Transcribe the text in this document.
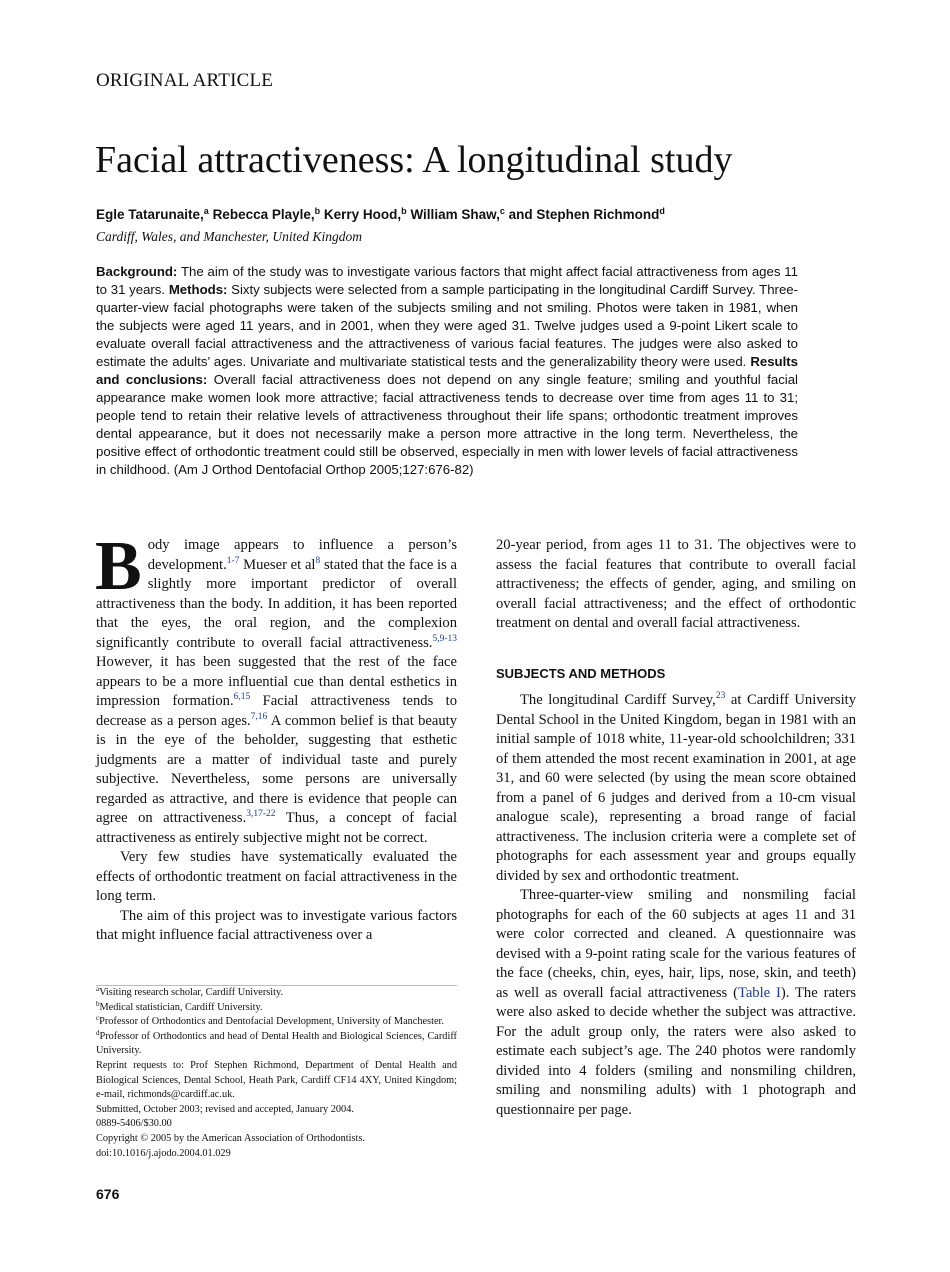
ORIGINAL ARTICLE
Facial attractiveness: A longitudinal study
Egle Tatarunaite,$^a$ Rebecca Playle,$^b$ Kerry Hood,$^b$ William Shaw,$^c$ and Stephen Richmond$^d$
Cardiff, Wales, and Manchester, United Kingdom
Background: The aim of the study was to investigate various factors that might affect facial attractiveness from ages 11 to 31 years. Methods: Sixty subjects were selected from a sample participating in the longitudinal Cardiff Survey. Three-quarter-view facial photographs were taken of the subjects smiling and not smiling. Photos were taken in 1981, when the subjects were aged 11 years, and in 2001, when they were aged 31. Twelve judges used a 9-point Likert scale to evaluate overall facial attractiveness and the attractiveness of various facial features. The judges were also asked to estimate the adults’ ages. Univariate and multivariate statistical tests and the generalizability theory were used. Results and conclusions: Overall facial attractiveness does not depend on any single feature; smiling and youthful facial appearance make women look more attractive; facial attractiveness tends to decrease over time from ages 11 to 31; people tend to retain their relative levels of attractiveness throughout their life spans; orthodontic treatment improves dental appearance, but it does not necessarily make a person more attractive in the long term. Nevertheless, the positive effect of orthodontic treatment could still be observed, especially in men with lower levels of facial attractiveness in childhood. (Am J Orthod Dentofacial Orthop 2005;127:676-82)

Body image appears to influence a person’s development.$^{1-7}$ Mueser et al$^8$ stated that the face is a slightly more important predictor of overall attractiveness than the body. In addition, it has been reported that the eyes, the oral region, and the complexion significantly contribute to overall facial attractiveness.$^{5,9-13}$ However, it has been suggested that the rest of the face appears to be a more influential cue than dental esthetics in impression formation.$^{6,15}$ Facial attractiveness tends to decrease as a person ages.$^{7,16}$ A common belief is that beauty is in the eye of the beholder, suggesting that esthetic judgments are a matter of individual taste and purely subjective. Nevertheless, some persons are universally regarded as attractive, and there is evidence that people can agree on attractiveness.$^{3,17-22}$ Thus, a concept of facial attractiveness as entirely subjective might not be correct.

Very few studies have systematically evaluated the effects of orthodontic treatment on facial attractiveness in the long term.

The aim of this project was to investigate various factors that might influence facial attractiveness over a

20-year period, from ages 11 to 31. The objectives were to assess the facial features that contribute to overall facial attractiveness; the effects of gender, aging, and smiling on overall facial attractiveness; and the effect of orthodontic treatment on dental and overall facial attractiveness.

SUBJECTS AND METHODS

The longitudinal Cardiff Survey,$^{23}$ at Cardiff University Dental School in the United Kingdom, began in 1981 with an initial sample of 1018 white, 11-year-old schoolchildren; 331 of them attended the most recent examination in 2001, at age 31, and 60 were selected (by using the mean score obtained from a panel of 6 judges and derived from a 10-cm visual analogue scale), representing a broad range of facial attractiveness. The inclusion criteria were a complete set of photographs for each assessment year and groups equally divided by sex and orthodontic treatment.

Three-quarter-view smiling and nonsmiling facial photographs for each of the 60 subjects at ages 11 and 31 were color corrected and cleaned. A questionnaire was devised with a 9-point rating scale for the various features of the face (cheeks, chin, eyes, hair, lips, nose, skin, and teeth) as well as overall facial attractiveness (Table I). The raters were also asked to decide whether the subject was attractive. For the adult group only, the raters were also asked to estimate each subject’s age. The 240 photos were randomly divided into 4 folders (smiling and nonsmiling children, smiling and nonsmiling adults) with 1 photograph and questionnaire per page.

$^a$Visiting research scholar, Cardiff University.
$^b$Medical statistician, Cardiff University.
$^c$Professor of Orthodontics and Dentofacial Development, University of Manchester.
$^d$Professor of Orthodontics and head of Dental Health and Biological Sciences, Cardiff University.
Reprint requests to: Prof Stephen Richmond, Department of Dental Health and Biological Sciences, Dental School, Heath Park, Cardiff CF14 4XY, United Kingdom; e-mail, richmonds@cardiff.ac.uk.
Submitted, October 2003; revised and accepted, January 2004.
0889-5406/$30.00
Copyright © 2005 by the American Association of Orthodontists.
doi:10.1016/j.ajodo.2004.01.029
676
